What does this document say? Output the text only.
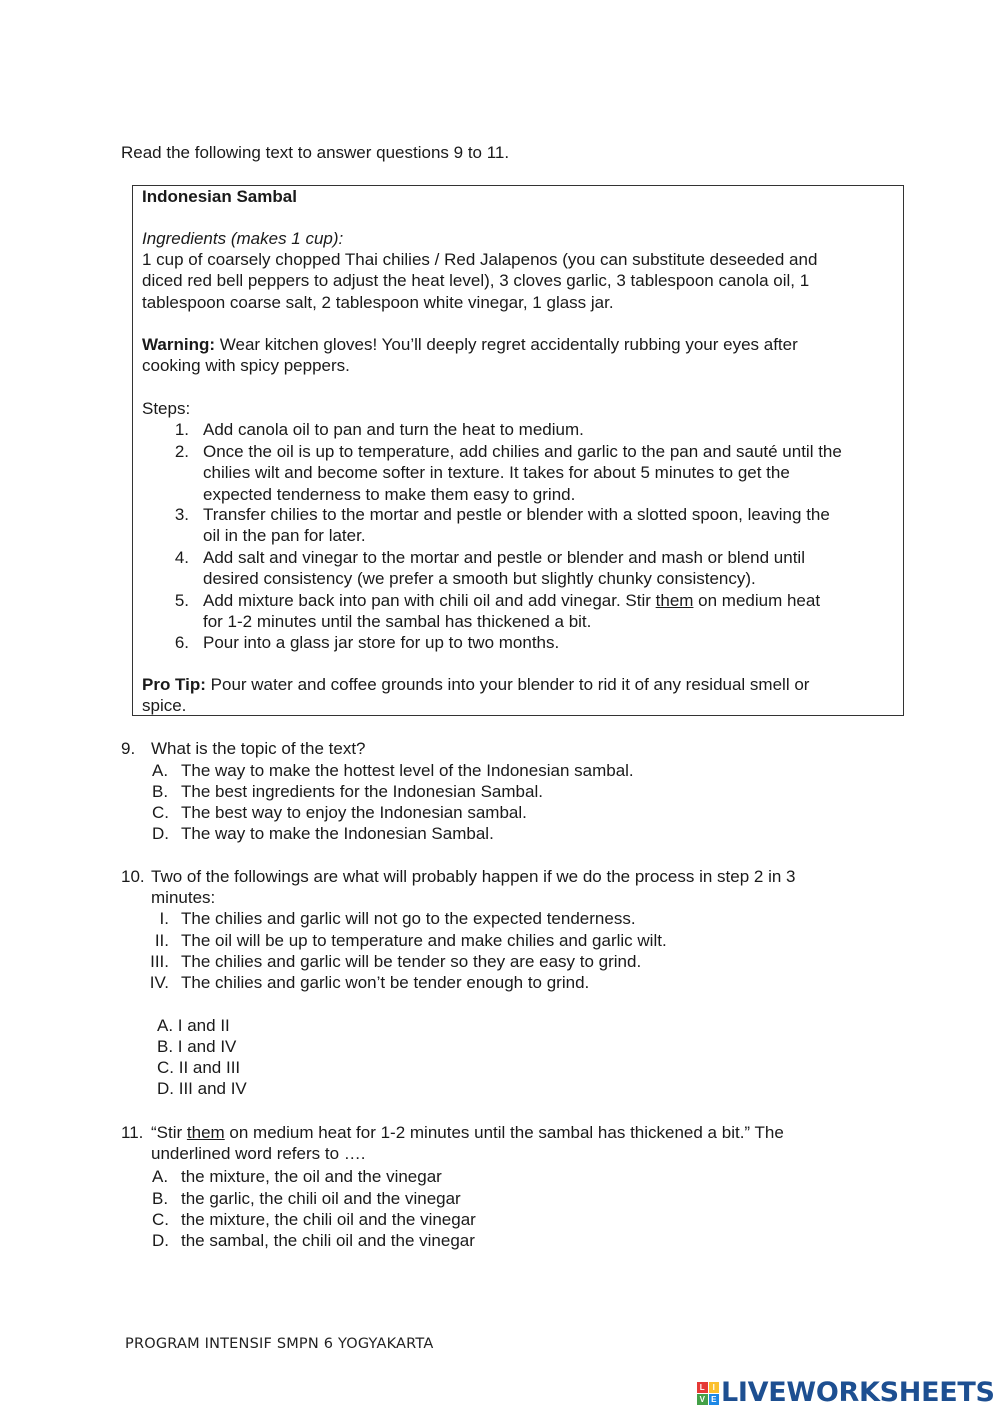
Read the following text to answer questions 9 to 11.
Indonesian Sambal
Ingredients (makes 1 cup):
1 cup of coarsely chopped Thai chilies / Red Jalapenos (you can substitute deseeded and
diced red bell peppers to adjust the heat level), 3 cloves garlic, 3 tablespoon canola oil, 1
tablespoon coarse salt, 2 tablespoon white vinegar, 1 glass jar.
Warning: Wear kitchen gloves! You’ll deeply regret accidentally rubbing your eyes after
cooking with spicy peppers.
Steps:
1. Add canola oil to pan and turn the heat to medium.
2. Once the oil is up to temperature, add chilies and garlic to the pan and sauté until the
chilies wilt and become softer in texture. It takes for about 5 minutes to get the
expected tenderness to make them easy to grind.
3. Transfer chilies to the mortar and pestle or blender with a slotted spoon, leaving the
oil in the pan for later.
4. Add salt and vinegar to the mortar and pestle or blender and mash or blend until
desired consistency (we prefer a smooth but slightly chunky consistency).
5. Add mixture back into pan with chili oil and add vinegar. Stir them on medium heat
for 1-2 minutes until the sambal has thickened a bit.
6. Pour into a glass jar store for up to two months.
Pro Tip: Pour water and coffee grounds into your blender to rid it of any residual smell or
spice.
9. What is the topic of the text?
A. The way to make the hottest level of the Indonesian sambal.
B. The best ingredients for the Indonesian Sambal.
C. The best way to enjoy the Indonesian sambal.
D. The way to make the Indonesian Sambal.
10. Two of the followings are what will probably happen if we do the process in step 2 in 3
minutes:
I. The chilies and garlic will not go to the expected tenderness.
II. The oil will be up to temperature and make chilies and garlic wilt.
III. The chilies and garlic will be tender so they are easy to grind.
IV. The chilies and garlic won’t be tender enough to grind.
A. I and II
B. I and IV
C. II and III
D. III and IV
11. “Stir them on medium heat for 1-2 minutes until the sambal has thickened a bit.” The
underlined word refers to ….
A. the mixture, the oil and the vinegar
B. the garlic, the chili oil and the vinegar
C. the mixture, the chili oil and the vinegar
D. the sambal, the chili oil and the vinegar
PROGRAM INTENSIF SMPN 6 YOGYAKARTA
L I
V E LIVEWORKSHEETS
